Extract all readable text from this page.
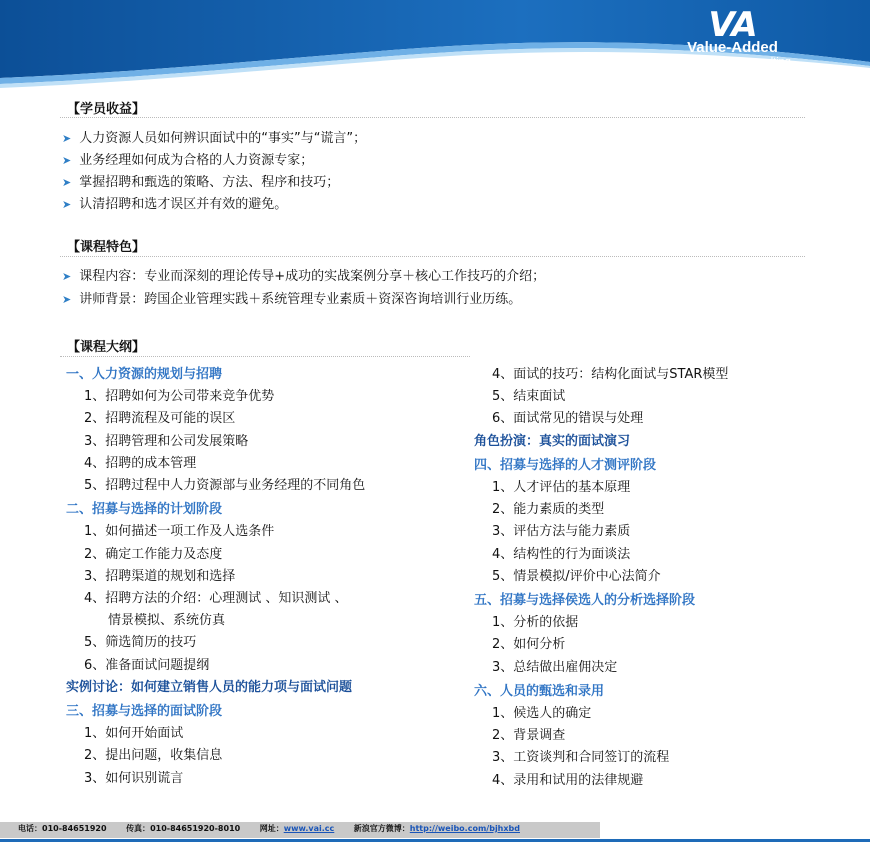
VA
Value-Added
management consulting
【学员收益】
➤ 人力资源人员如何辨识面试中的“事实”与“谎言”；
➤ 业务经理如何成为合格的人力资源专家；
➤ 掌握招聘和甄选的策略、方法、程序和技巧；
➤ 认清招聘和选才误区并有效的避免。
【课程特色】
➤ 课程内容：专业而深刻的理论传导+成功的实战案例分享＋核心工作技巧的介绍；
➤ 讲师背景：跨国企业管理实践＋系统管理专业素质＋资深咨询培训行业历练。
【课程大纲】
一、人力资源的规划与招聘
1、招聘如何为公司带来竞争优势
2、招聘流程及可能的误区
3、招聘管理和公司发展策略
4、招聘的成本管理
5、招聘过程中人力资源部与业务经理的不同角色
二、招募与选择的计划阶段
1、如何描述一项工作及人选条件
2、确定工作能力及态度
3、招聘渠道的规划和选择
4、招聘方法的介绍：心理测试 、知识测试 、
情景模拟、系统仿真
5、筛选简历的技巧
6、准备面试问题提纲
实例讨论：如何建立销售人员的能力项与面试问题
三、招募与选择的面试阶段
1、如何开始面试
2、提出问题，收集信息
3、如何识别谎言
4、面试的技巧：结构化面试与STAR模型
5、结束面试
6、面试常见的错误与处理
角色扮演：真实的面试演习
四、招募与选择的人才测评阶段
1、人才评估的基本原理
2、能力素质的类型
3、评估方法与能力素质
4、结构性的行为面谈法
5、情景模拟/评价中心法简介
五、招募与选择侯选人的分析选择阶段
1、分析的依据
2、如何分析
3、总结做出雇佣决定
六、人员的甄选和录用
1、候选人的确定
2、背景调查
3、工资谈判和合同签订的流程
4、录用和试用的法律规避
电话：010-84651920 传真：010-84651920-8010 网址：www.vai.cc 新浪官方微博：http://weibo.com/bjhxbd
